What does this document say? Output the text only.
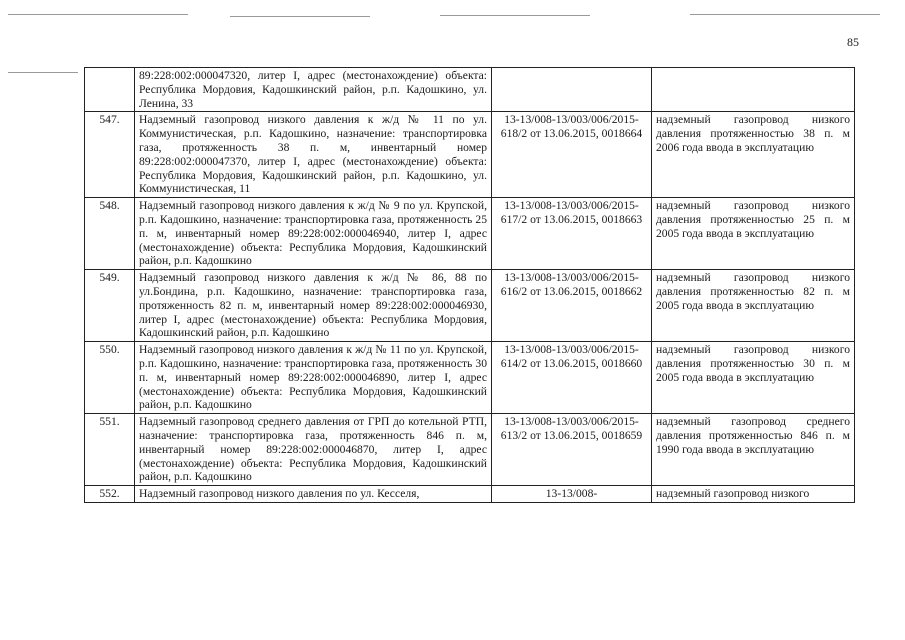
85
	89:228:002:000047320, литер I, адрес (местонахождение) объекта: Республика Мордовия, Кадошкинский район, р.п. Кадошкино, ул. Ленина, 33		
547.	Надземный газопровод низкого давления к ж/д № 11 по ул. Коммунистическая, р.п. Кадошкино, назначение: транспортировка газа, протяженность 38 п. м, инвентарный номер 89:228:002:000047370, литер I, адрес (местонахождение) объекта: Республика Мордовия, Кадошкинский район, р.п. Кадошкино, ул. Коммунистическая, 11	13-13/008-13/003/006/2015-618/2 от 13.06.2015, 0018664	надземный газопровод низкого давления протяженностью 38 п. м 2006 года ввода в эксплуатацию
548.	Надземный газопровод низкого давления к ж/д № 9 по ул. Крупской, р.п. Кадошкино, назначение: транспортировка газа, протяженность 25 п. м, инвентарный номер 89:228:002:000046940, литер I, адрес (местонахождение) объекта: Республика Мордовия, Кадошкинский район, р.п. Кадошкино	13-13/008-13/003/006/2015-617/2 от 13.06.2015, 0018663	надземный газопровод низкого давления протяженностью 25 п. м 2005 года ввода в эксплуатацию
549.	Надземный газопровод низкого давления к ж/д № 86, 88 по ул.Бондина, р.п. Кадошкино, назначение: транспортировка газа, протяженность 82 п. м, инвентарный номер 89:228:002:000046930, литер I, адрес (местонахождение) объекта: Республика Мордовия, Кадошкинский район, р.п. Кадошкино	13-13/008-13/003/006/2015-616/2 от 13.06.2015, 0018662	надземный газопровод низкого давления протяженностью 82 п. м 2005 года ввода в эксплуатацию
550.	Надземный газопровод низкого давления к ж/д № 11 по ул. Крупской, р.п. Кадошкино, назначение: транспортировка газа, протяженность 30 п. м, инвентарный номер 89:228:002:000046890, литер I, адрес (местонахождение) объекта: Республика Мордовия, Кадошкинский район, р.п. Кадошкино	13-13/008-13/003/006/2015-614/2 от 13.06.2015, 0018660	надземный газопровод низкого давления протяженностью 30 п. м 2005 года ввода в эксплуатацию
551.	Надземный газопровод среднего давления от ГРП до котельной РТП, назначение: транспортировка газа, протяженность 846 п. м, инвентарный номер 89:228:002:000046870, литер I, адрес (местонахождение) объекта: Республика Мордовия, Кадошкинский район, р.п. Кадошкино	13-13/008-13/003/006/2015-613/2 от 13.06.2015, 0018659	надземный газопровод среднего давления протяженностью 846 п. м 1990 года ввода в эксплуатацию
552.	Надземный газопровод низкого давления по ул. Кесселя,	13-13/008-	надземный газопровод низкого
